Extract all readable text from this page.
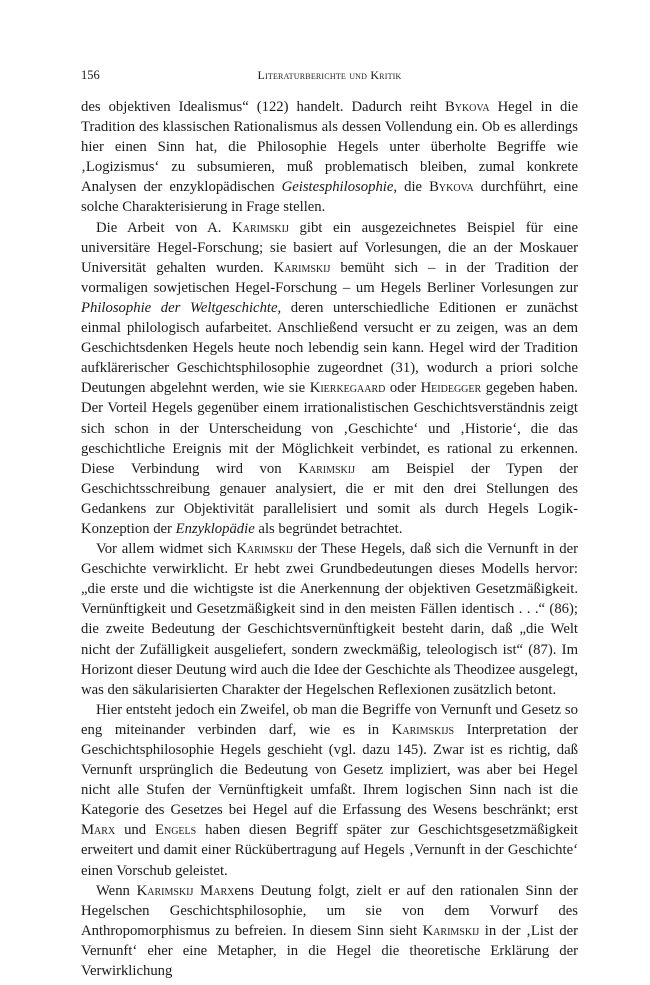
156	Literaturberichte und Kritik

des objektiven Idealismus“ (122) handelt. Dadurch reiht Bykova Hegel in die Tradition des klassischen Rationalismus als dessen Vollendung ein. Ob es allerdings hier einen Sinn hat, die Philosophie Hegels unter überholte Begriffe wie ‚Logizismus‘ zu subsumieren, muß problematisch bleiben, zumal konkrete Analysen der enzyklopädischen Geistesphilosophie, die Bykova durchführt, eine solche Charakterisierung in Frage stellen.

Die Arbeit von A. Karimskij gibt ein ausgezeichnetes Beispiel für eine universitäre Hegel-Forschung; sie basiert auf Vorlesungen, die an der Moskauer Universität gehalten wurden. Karimskij bemüht sich – in der Tradition der vormaligen sowjetischen Hegel-Forschung – um Hegels Berliner Vorlesungen zur Philosophie der Weltgeschichte, deren unterschiedliche Editionen er zunächst einmal philologisch aufarbeitet. Anschließend versucht er zu zeigen, was an dem Geschichtsdenken Hegels heute noch lebendig sein kann. Hegel wird der Tradition aufklärerischer Geschichtsphilosophie zugeordnet (31), wodurch a priori solche Deutungen abgelehnt werden, wie sie Kierkegaard oder Heidegger gegeben haben. Der Vorteil Hegels gegenüber einem irrationalistischen Geschichtsverständnis zeigt sich schon in der Unterscheidung von ‚Geschichte‘ und ‚Historie‘, die das geschichtliche Ereignis mit der Möglichkeit verbindet, es rational zu erkennen. Diese Verbindung wird von Karimskij am Beispiel der Typen der Geschichtsschreibung genauer analysiert, die er mit den drei Stellungen des Gedankens zur Objektivität parallelisiert und somit als durch Hegels Logik-Konzeption der Enzyklopädie als begründet betrachtet.

Vor allem widmet sich Karimskij der These Hegels, daß sich die Vernunft in der Geschichte verwirklicht. Er hebt zwei Grundbedeutungen dieses Modells hervor: „die erste und die wichtigste ist die Anerkennung der objektiven Gesetzmäßigkeit. Vernünftigkeit und Gesetzmäßigkeit sind in den meisten Fällen identisch . . .“ (86); die zweite Bedeutung der Geschichtsvernünftigkeit besteht darin, daß „die Welt nicht der Zufälligkeit ausgeliefert, sondern zweckmäßig, teleologisch ist“ (87). Im Horizont dieser Deutung wird auch die Idee der Geschichte als Theodizee ausgelegt, was den säkularisierten Charakter der Hegelschen Reflexionen zusätzlich betont.

Hier entsteht jedoch ein Zweifel, ob man die Begriffe von Vernunft und Gesetz so eng miteinander verbinden darf, wie es in Karimskijs Interpretation der Geschichtsphilosophie Hegels geschieht (vgl. dazu 145). Zwar ist es richtig, daß Vernunft ursprünglich die Bedeutung von Gesetz impliziert, was aber bei Hegel nicht alle Stufen der Vernünftigkeit umfaßt. Ihrem logischen Sinn nach ist die Kategorie des Gesetzes bei Hegel auf die Erfassung des Wesens beschränkt; erst Marx und Engels haben diesen Begriff später zur Geschichtsgesetzmäßigkeit erweitert und damit einer Rückübertragung auf Hegels ‚Vernunft in der Geschichte‘ einen Vorschub geleistet.

Wenn Karimskij Marxens Deutung folgt, zielt er auf den rationalen Sinn der Hegelschen Geschichtsphilosophie, um sie von dem Vorwurf des Anthropomorphismus zu befreien. In diesem Sinn sieht Karimskij in der ‚List der Vernunft‘ eher eine Metapher, in die Hegel die theoretische Erklärung der Verwirklichung
